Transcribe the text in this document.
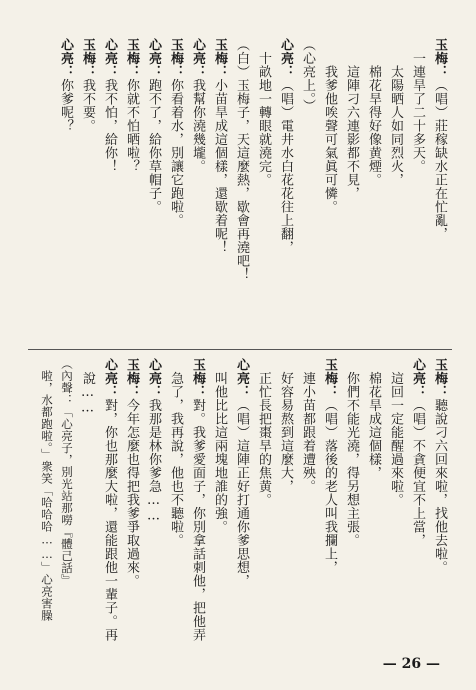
玉梅：（唱）莊稼缺水正在忙亂，
　一連旱了二十多天。
　　太陽晒人如同烈火，
　　棉花旱得好像黄煙。
　　這陣刁六連影都不見，
　　我爹他唉聲可氣眞可憐。
（心亮上。）
心亮：（唱）電井水白花花往上翻，
　十畝地一轉眼就澆完。
（白）玉梅子，天這麼熱，歇會再澆吧！
玉梅：小苗旱成這個樣，還歇着呢！
心亮：我幫你澆幾壠。
玉梅：你看着水，別讓它跑啦。
心亮：跑不了，給你草帽子。
玉梅：你就不怕晒啦？
心亮：我不怕，給你！
玉梅：我不要。
心亮：你爹呢？
玉梅：聽說刁六回來啦，找他去啦。
心亮：（唱）不貪便宜不上當，
　這回一定能醒過來啦。
　棉花旱成這個樣，
　你們不能光澆，得另想主張。
玉梅：（唱）落後的老人叫我攔上，
　連小苗都跟着遭殃。
　好容易熬到這麼大，
　正忙長把棗旱的焦黄。
心亮：（唱）這陣正好打通你爹思想，
　叫他比比這兩塊地誰的強。
玉梅：對。我爹愛面子，你別拿話刺他，把他弄
　急了，我再說，他也不聽啦。
心亮：我那是林你爹急……
玉梅：今年怎麼也得把我爹爭取過來。
心亮：對，你也那麼大啦，還能跟他一輩子。再
　說……
（內聲：「心亮子，別光站那嘮『體己話』
　啦，水都跑啦。」衆笑「哈哈哈……」心亮害臊
— 26 —
